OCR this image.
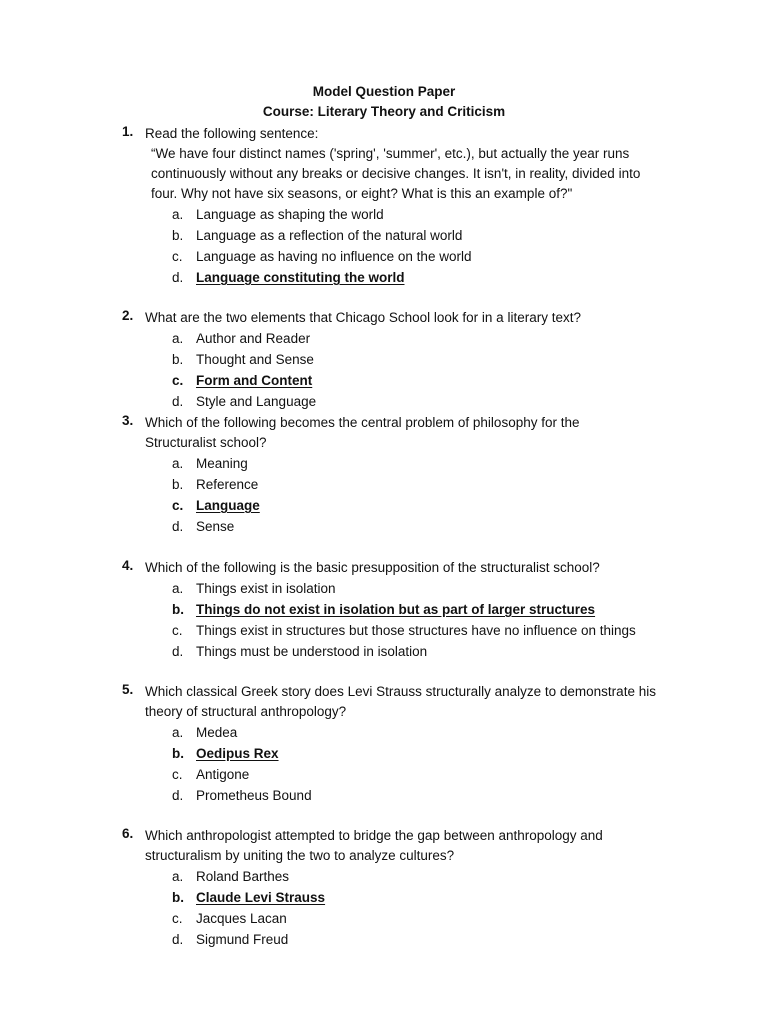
Model Question Paper
Course: Literary Theory and Criticism
1. Read the following sentence:
“We have four distinct names ('spring', 'summer', etc.), but actually the year runs continuously without any breaks or decisive changes. It isn't, in reality, divided into four. Why not have six seasons, or eight? What is this an example of?"
a. Language as shaping the world
b. Language as a reflection of the natural world
c. Language as having no influence on the world
d. Language constituting the world
2. What are the two elements that Chicago School look for in a literary text?
a. Author and Reader
b. Thought and Sense
c. Form and Content
d. Style and Language
3. Which of the following becomes the central problem of philosophy for the Structuralist school?
a. Meaning
b. Reference
c. Language
d. Sense
4. Which of the following is the basic presupposition of the structuralist school?
a. Things exist in isolation
b. Things do not exist in isolation but as part of larger structures
c. Things exist in structures but those structures have no influence on things
d. Things must be understood in isolation
5. Which classical Greek story does Levi Strauss structurally analyze to demonstrate his theory of structural anthropology?
a. Medea
b. Oedipus Rex
c. Antigone
d. Prometheus Bound
6. Which anthropologist attempted to bridge the gap between anthropology and structuralism by uniting the two to analyze cultures?
a. Roland Barthes
b. Claude Levi Strauss
c. Jacques Lacan
d. Sigmund Freud
